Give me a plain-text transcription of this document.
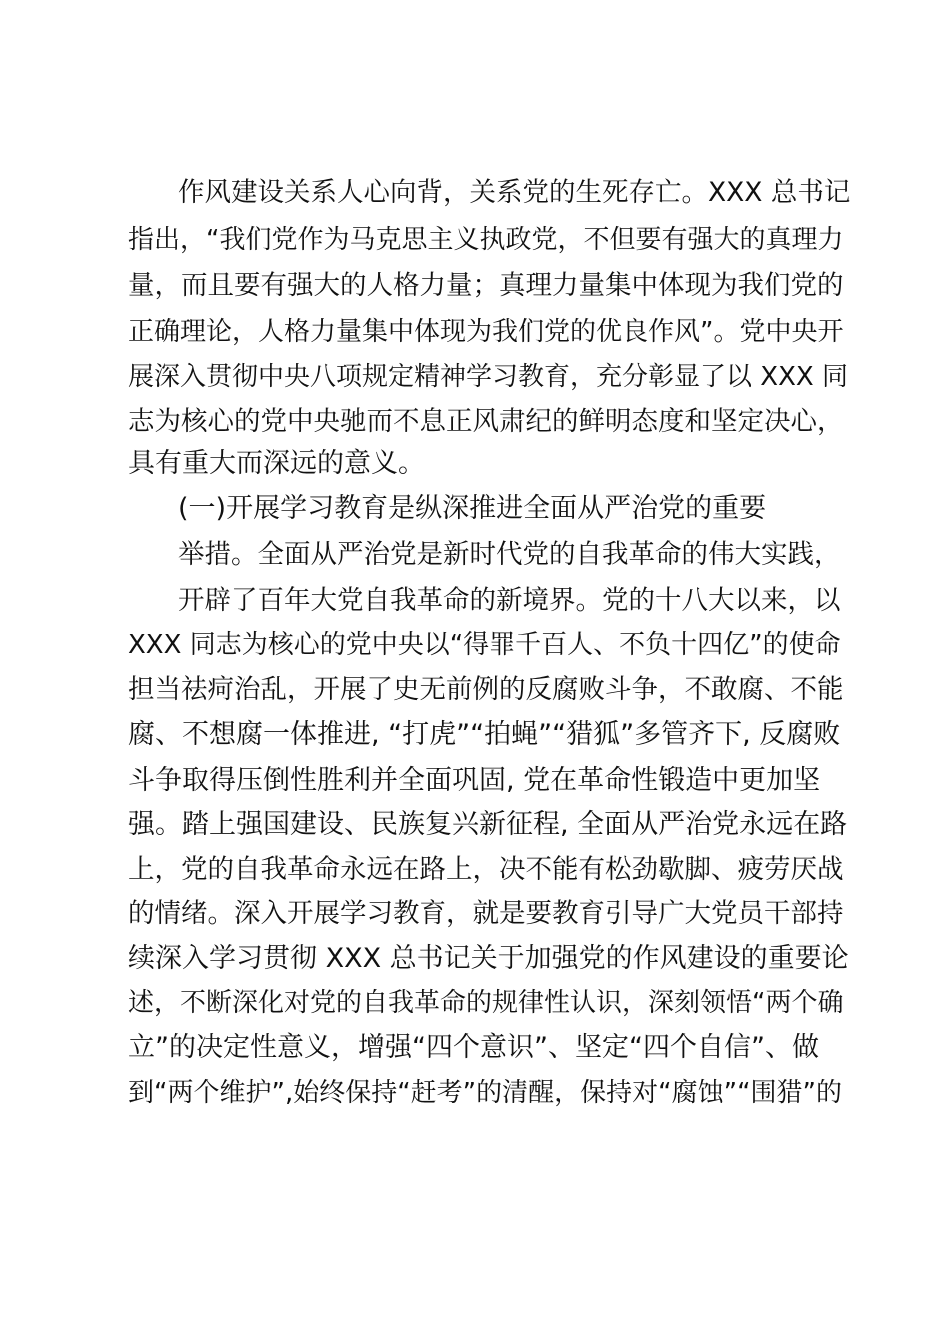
作风建设关系人心向背，关系党的生死存亡。XXX 总书记
指出，“我们党作为马克思主义执政党，不但要有强大的真理力
量，而且要有强大的人格力量；真理力量集中体现为我们党的
正确理论，人格力量集中体现为我们党的优良作风”。党中央开
展深入贯彻中央八项规定精神学习教育，充分彰显了以 XXX 同
志为核心的党中央驰而不息正风肃纪的鲜明态度和坚定决心，
具有重大而深远的意义。
(一)开展学习教育是纵深推进全面从严治党的重要
举措。全面从严治党是新时代党的自我革命的伟大实践，
开辟了百年大党自我革命的新境界。党的十八大以来，以
XXX 同志为核心的党中央以“得罪千百人、不负十四亿”的使命
担当祛疴治乱，开展了史无前例的反腐败斗争，不敢腐、不能
腐、不想腐一体推进, “打虎”“拍蝇”“猎狐”多管齐下, 反腐败
斗争取得压倒性胜利并全面巩固, 党在革命性锻造中更加坚
强。踏上强国建设、民族复兴新征程, 全面从严治党永远在路
上，党的自我革命永远在路上，决不能有松劲歇脚、疲劳厌战
的情绪。深入开展学习教育，就是要教育引导广大党员干部持
续深入学习贯彻 XXX 总书记关于加强党的作风建设的重要论
述，不断深化对党的自我革命的规律性认识，深刻领悟“两个确
立”的决定性意义，增强“四个意识”、坚定“四个自信”、做
到“两个维护”,始终保持“赶考”的清醒，保持对“腐蚀”“围猎”的
